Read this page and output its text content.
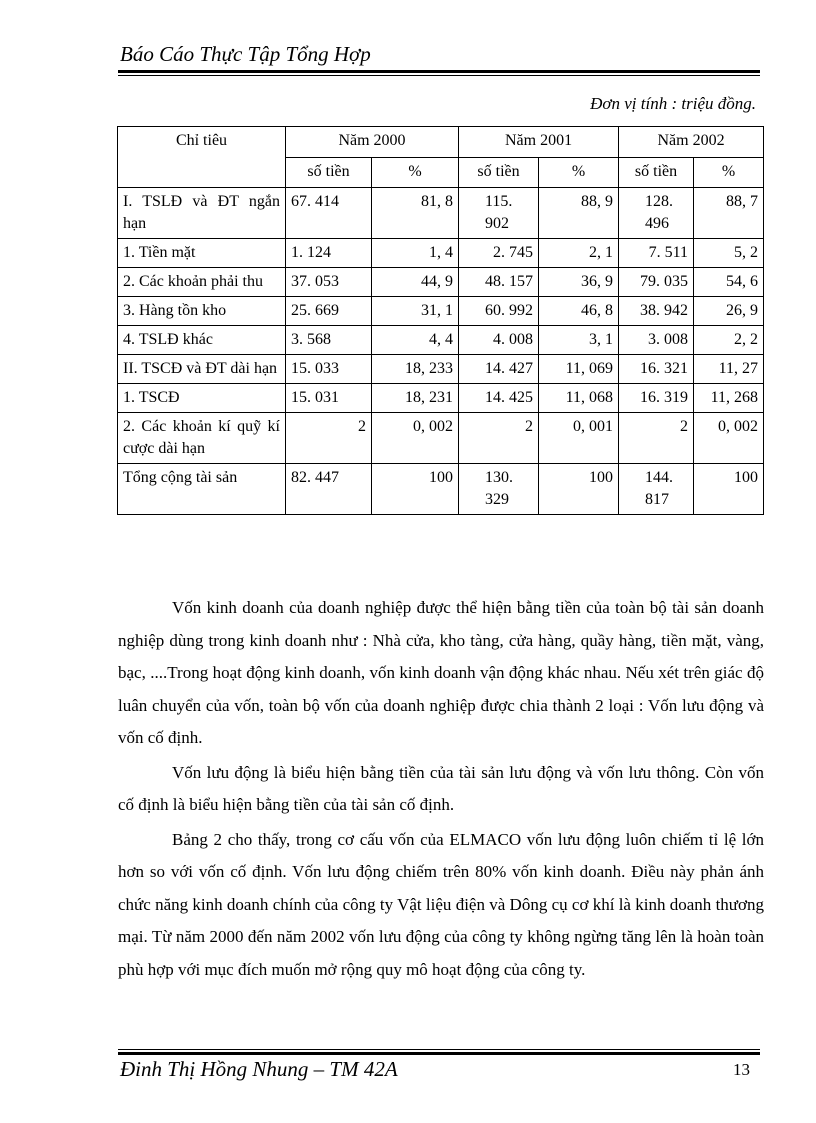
Báo Cáo Thực Tập Tổng Hợp
Đơn vị tính : triệu đồng.
Chỉ tiêu	Năm 2000		Năm 2001		Năm 2002	
	số tiền	%	số tiền	%	số tiền	%
I. TSLĐ và ĐT ngắn hạn	67. 414	81, 8	115. 902	88, 9	128. 496	88, 7
1. Tiền mặt	1. 124	1, 4	2. 745	2, 1	7. 511	5, 2
2. Các khoản phải thu	37. 053	44, 9	48. 157	36, 9	79. 035	54, 6
3. Hàng tồn kho	25. 669	31, 1	60. 992	46, 8	38. 942	26, 9
4. TSLĐ khác	3. 568	4, 4	4. 008	3, 1	3. 008	2, 2
II. TSCĐ và ĐT dài hạn	15. 033	18, 233	14. 427	11, 069	16. 321	11, 27
1. TSCĐ	15. 031	18, 231	14. 425	11, 068	16. 319	11, 268
2. Các khoản kí quỹ kí cược dài hạn	2	0, 002	2	0, 001	2	0, 002
Tổng cộng tài sản	82. 447	100	130. 329	100	144. 817	100

Vốn kinh doanh của doanh nghiệp được thể hiện bằng tiền của toàn bộ tài sản doanh nghiệp dùng trong kinh doanh như : Nhà cửa, kho tàng, cửa hàng, quầy hàng, tiền mặt, vàng, bạc, ....Trong hoạt động kinh doanh, vốn kinh doanh vận động khác nhau. Nếu xét trên giác độ luân chuyển của vốn, toàn bộ vốn của doanh nghiệp được chia thành 2 loại : Vốn lưu động và vốn cố định.

Vốn lưu động là biểu hiện bằng tiền của tài sản lưu động và vốn lưu thông. Còn vốn cố định là biểu hiện bằng tiền của tài sản cố định.

Bảng 2 cho thấy, trong cơ cấu vốn của ELMACO vốn lưu động luôn chiếm tỉ lệ lớn hơn so với vốn cố định. Vốn lưu động chiếm trên 80% vốn kinh doanh. Điều này phản ánh chức năng kinh doanh chính của công ty Vật liệu điện và Dông cụ cơ khí là kinh doanh thương mại. Từ năm 2000 đến năm 2002 vốn lưu động của công ty không ngừng tăng lên là hoàn toàn phù hợp với mục đích muốn mở rộng quy mô hoạt động của công ty.

Đinh Thị Hồng Nhung – TM 42A	13
